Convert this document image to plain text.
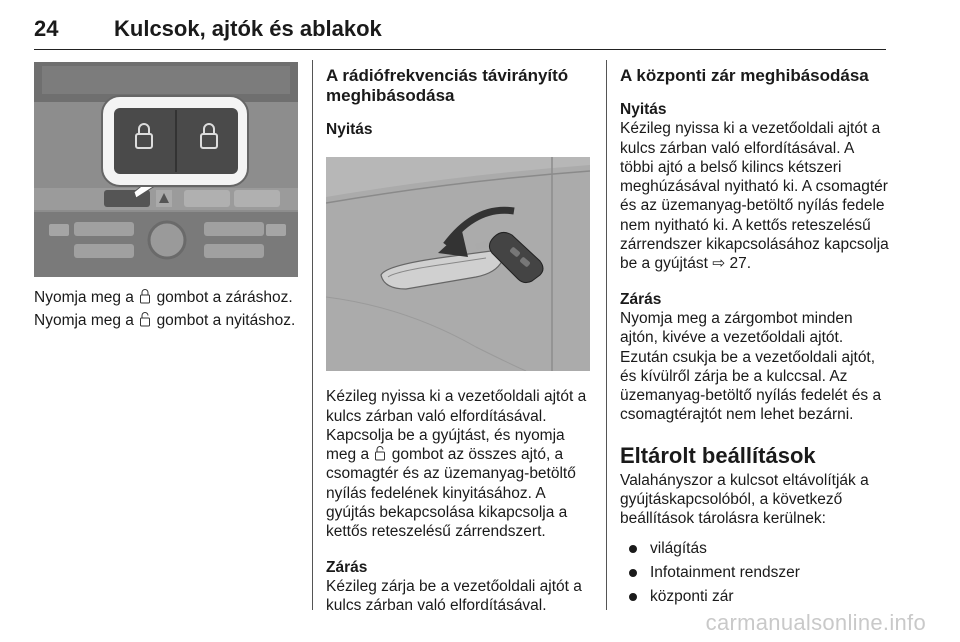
24	Kulcsok, ajtók és ablakok
Nyomja meg a gombot a záráshoz.
Nyomja meg a gombot a nyitáshoz.
A rádiófrekvenciás távirányító meghibásodása
Nyitás
Kézileg nyissa ki a vezetőoldali ajtót a kulcs zárban való elfordításával. Kapcsolja be a gyújtást, és nyomja meg a gombot az összes ajtó, a csomagtér és az üzemanyag-betöltő nyílás fedelének kinyitásához. A gyújtás bekapcsolása kikapcsolja a kettős reteszelésű zárrendszert.
Zárás
Kézileg zárja be a vezetőoldali ajtót a kulcs zárban való elfordításával.
A központi zár meghibásodása
Nyitás
Kézileg nyissa ki a vezetőoldali ajtót a kulcs zárban való elfordításával. A többi ajtó a belső kilincs kétszeri meghúzásával nyitható ki. A csomagtér és az üzemanyag-betöltő nyílás fedele nem nyitható ki. A kettős reteszelésű zárrendszer kikapcsolásához kapcsolja be a gyújtást ⇨ 27.
Zárás
Nyomja meg a zárgombot minden ajtón, kivéve a vezetőoldali ajtót. Ezután csukja be a vezetőoldali ajtót, és kívülről zárja be a kulccsal. Az üzemanyag-betöltő nyílás fedelét és a csomagtérajtót nem lehet bezárni.
Eltárolt beállítások
Valahányszor a kulcsot eltávolítják a gyújtáskapcsolóból, a következő beállítások tárolásra kerülnek:
világítás
Infotainment rendszer
központi zár
carmanualsonline.info
